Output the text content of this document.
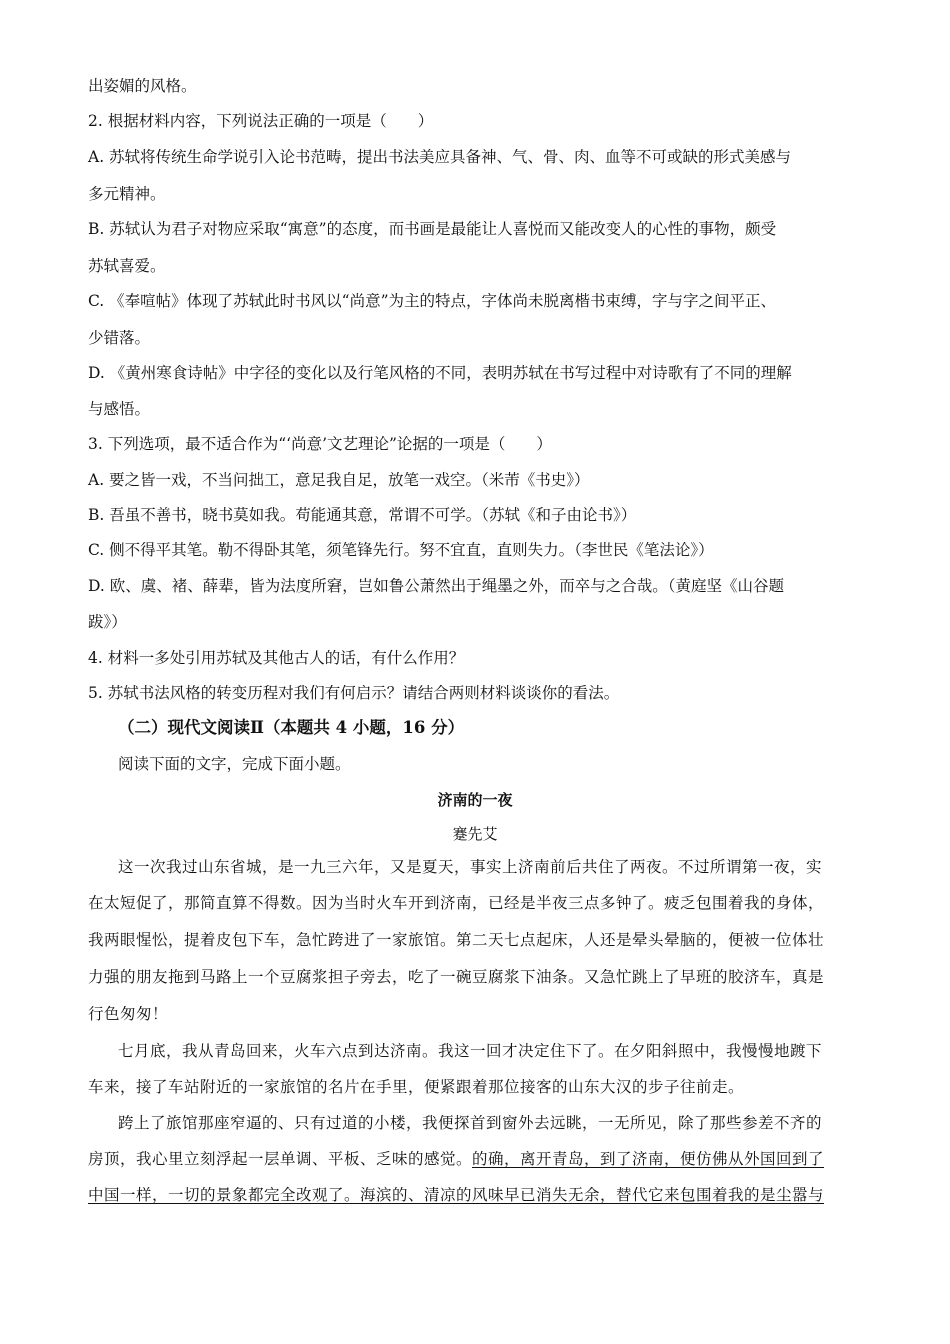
出姿媚的风格。
2. 根据材料内容，下列说法正确的一项是（　　）
A. 苏轼将传统生命学说引入论书范畴，提出书法美应具备神、气、骨、肉、血等不可或缺的形式美感与
多元精神。
B. 苏轼认为君子对物应采取“寓意”的态度，而书画是最能让人喜悦而又能改变人的心性的事物，颇受
苏轼喜爱。
C. 《奉喧帖》体现了苏轼此时书风以“尚意”为主的特点，字体尚未脱离楷书束缚，字与字之间平正、
少错落。
D. 《黄州寒食诗帖》中字径的变化以及行笔风格的不同，表明苏轼在书写过程中对诗歌有了不同的理解
与感悟。
3. 下列选项，最不适合作为“‘尚意’文艺理论”论据的一项是（　　）
A. 要之皆一戏，不当问拙工，意足我自足，放笔一戏空。（米芾《书史》）
B. 吾虽不善书，晓书莫如我。苟能通其意，常谓不可学。（苏轼《和子由论书》）
C. 侧不得平其笔。勒不得卧其笔，须笔锋先行。努不宜直，直则失力。（李世民《笔法论》）
D. 欧、虞、褚、薛辈，皆为法度所窘，岂如鲁公萧然出于绳墨之外，而卒与之合哉。（黄庭坚《山谷题
跋》）
4. 材料一多处引用苏轼及其他古人的话，有什么作用？
5. 苏轼书法风格的转变历程对我们有何启示？请结合两则材料谈谈你的看法。
（二）现代文阅读Ⅱ（本题共 4 小题，16 分）
阅读下面的文字，完成下面小题。
济南的一夜
蹇先艾
这一次我过山东省城，是一九三六年，又是夏天，事实上济南前后共住了两夜。不过所谓第一夜，实
在太短促了，那简直算不得数。因为当时火车开到济南，已经是半夜三点多钟了。疲乏包围着我的身体，
我两眼惺忪，提着皮包下车，急忙跨进了一家旅馆。第二天七点起床，人还是晕头晕脑的，便被一位体壮
力强的朋友拖到马路上一个豆腐浆担子旁去，吃了一碗豆腐浆下油条。又急忙跳上了早班的胶济车，真是
行色匆匆！
七月底，我从青岛回来，火车六点到达济南。我这一回才决定住下了。在夕阳斜照中，我慢慢地踱下
车来，接了车站附近的一家旅馆的名片在手里，便紧跟着那位接客的山东大汉的步子往前走。
跨上了旅馆那座窄逼的、只有过道的小楼，我便探首到窗外去远眺，一无所见，除了那些参差不齐的
房顶，我心里立刻浮起一层单调、平板、乏味的感觉。的确，离开青岛，到了济南，便仿佛从外国回到了
中国一样，一切的景象都完全改观了。海滨的、清凉的风味早已消失无余，替代它来包围着我的是尘嚣与
